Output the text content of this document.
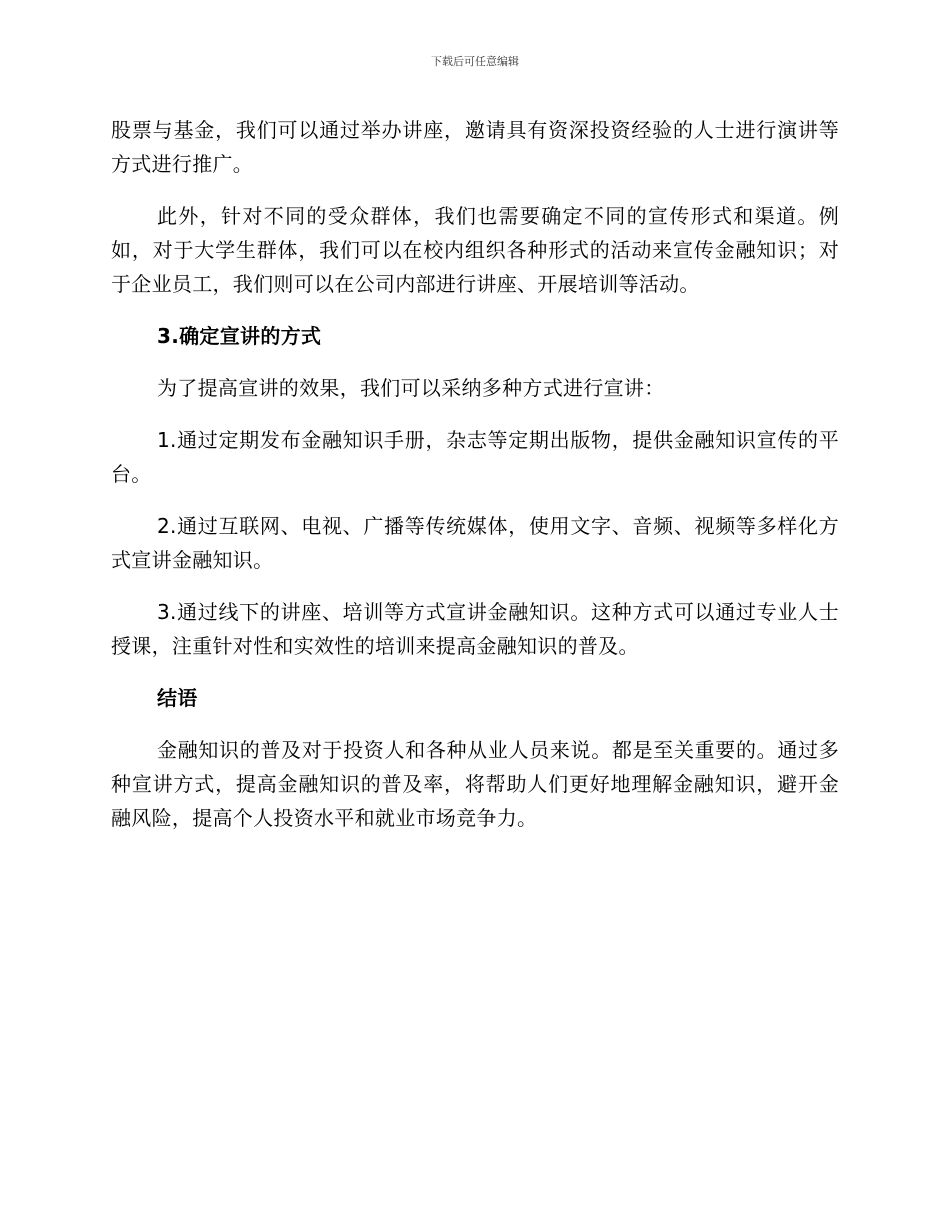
下载后可任意编辑

股票与基金，我们可以通过举办讲座，邀请具有资深投资经验的人士进行演讲等方式进行推广。

此外，针对不同的受众群体，我们也需要确定不同的宣传形式和渠道。例如，对于大学生群体，我们可以在校内组织各种形式的活动来宣传金融知识；对于企业员工，我们则可以在公司内部进行讲座、开展培训等活动。

3.确定宣讲的方式

为了提高宣讲的效果，我们可以采纳多种方式进行宣讲：

1.通过定期发布金融知识手册，杂志等定期出版物，提供金融知识宣传的平台。

2.通过互联网、电视、广播等传统媒体，使用文字、音频、视频等多样化方式宣讲金融知识。

3.通过线下的讲座、培训等方式宣讲金融知识。这种方式可以通过专业人士授课，注重针对性和实效性的培训来提高金融知识的普及。

结语

金融知识的普及对于投资人和各种从业人员来说。都是至关重要的。通过多种宣讲方式，提高金融知识的普及率，将帮助人们更好地理解金融知识，避开金融风险，提高个人投资水平和就业市场竞争力。
